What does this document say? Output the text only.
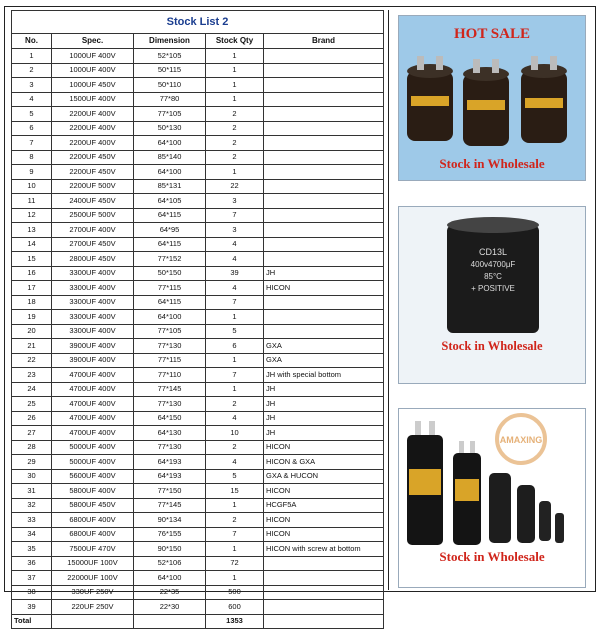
Stock List 2				
No.	Spec.	Dimension	Stock Qty	Brand
1	1000UF 400V	52*105	1	
2	1000UF 400V	50*115	1	
3	1000UF 450V	50*110	1	
4	1500UF 400V	77*80	1	
5	2200UF 400V	77*105	2	
6	2200UF 400V	50*130	2	
7	2200UF 400V	64*100	2	
8	2200UF 450V	85*140	2	
9	2200UF 450V	64*100	1	
10	2200UF 500V	85*131	22	
11	2400UF 450V	64*105	3	
12	2500UF 500V	64*115	7	
13	2700UF 400V	64*95	3	
14	2700UF 450V	64*115	4	
15	2800UF 450V	77*152	4	
16	3300UF 400V	50*150	39	JH
17	3300UF 400V	77*115	4	HICON
18	3300UF 400V	64*115	7	
19	3300UF 400V	64*100	1	
20	3300UF 400V	77*105	5	
21	3900UF 400V	77*130	6	GXA
22	3900UF 400V	77*115	1	GXA
23	4700UF 400V	77*110	7	JH with special bottom
24	4700UF 400V	77*145	1	JH
25	4700UF 400V	77*130	2	JH
26	4700UF 400V	64*150	4	JH
27	4700UF 400V	64*130	10	JH
28	5000UF 400V	77*130	2	HICON
29	5000UF 400V	64*193	4	HICON & GXA
30	5600UF 400V	64*193	5	GXA & HUCON
31	5800UF 400V	77*150	15	HICON
32	5800UF 450V	77*145	1	HCGF5A
33	6800UF 400V	90*134	2	HICON
34	6800UF 400V	76*155	7	HICON
35	7500UF 470V	90*150	1	HICON with screw at bottom
36	15000UF 100V	52*106	72	
37	22000UF 100V	64*100	1	
38	330UF 250V	22*35	500	
39	220UF 250V	22*30	600	
Total			1353	
HOT SALE
Stock in Wholesale
CD13L
400v4700μF
85°C
+ POSITIVE
Stock in Wholesale
AMAXING
Stock in Wholesale
